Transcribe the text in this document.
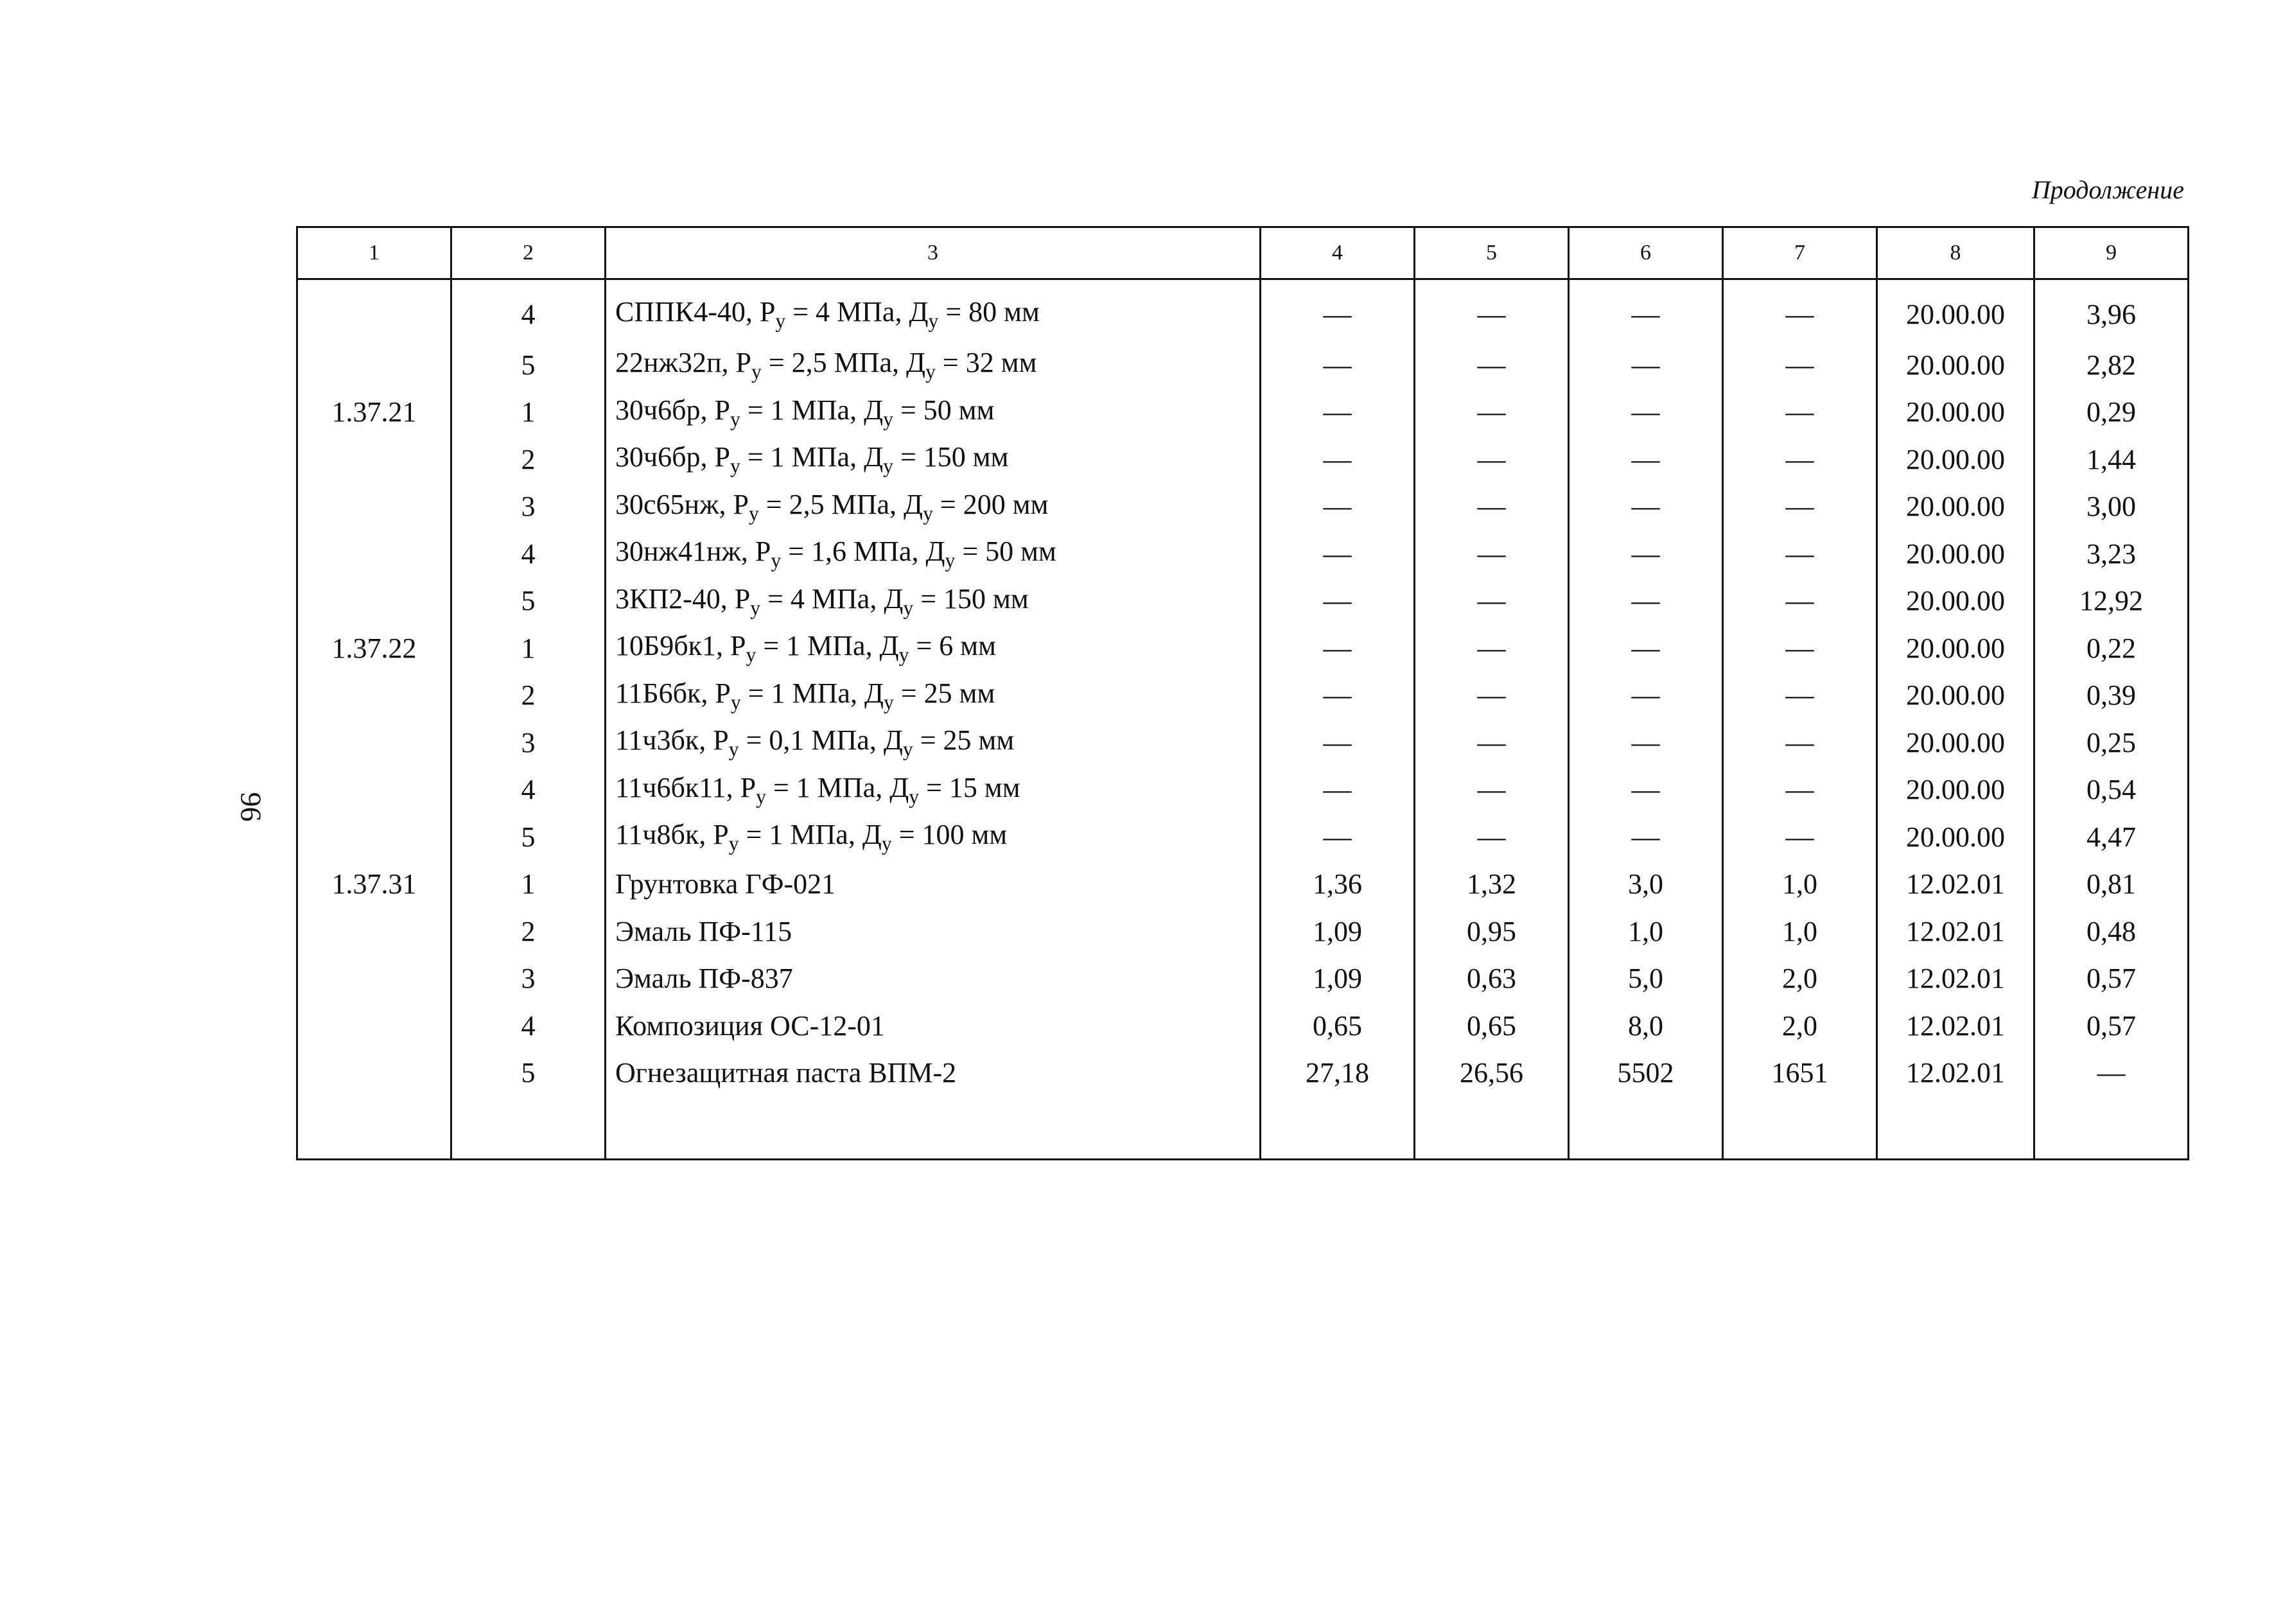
Продолжение
96
1	2	3	4	5	6	7	8	9
	4	СППК4-40, $P_у = 4$ МПа, $Д_у = 80$ мм	—	—	—	—	20.00.00	3,96
	5	22нж32п, $P_у = 2,5$ МПа, $Д_у = 32$ мм	—	—	—	—	20.00.00	2,82
1.37.21	1	30ч6бр, $P_у = 1$ МПа, $Д_у = 50$ мм	—	—	—	—	20.00.00	0,29
	2	30ч6бр, $P_у = 1$ МПа, $Д_у = 150$ мм	—	—	—	—	20.00.00	1,44
	3	30с65нж, $P_у = 2,5$ МПа, $Д_у = 200$ мм	—	—	—	—	20.00.00	3,00
	4	30нж41нж, $P_у = 1,6$ МПа, $Д_у = 50$ мм	—	—	—	—	20.00.00	3,23
	5	3КП2-40, $P_у = 4$ МПа, $Д_у = 150$ мм	—	—	—	—	20.00.00	12,92
1.37.22	1	10Б9бк1, $P_у = 1$ МПа, $Д_у = 6$ мм	—	—	—	—	20.00.00	0,22
	2	11Б6бк, $P_у = 1$ МПа, $Д_у = 25$ мм	—	—	—	—	20.00.00	0,39
	3	11ч3бк, $P_у = 0,1$ МПа, $Д_у = 25$ мм	—	—	—	—	20.00.00	0,25
	4	11ч6бк11, $P_у = 1$ МПа, $Д_у = 15$ мм	—	—	—	—	20.00.00	0,54
	5	11ч8бк, $P_у = 1$ МПа, $Д_у = 100$ мм	—	—	—	—	20.00.00	4,47
1.37.31	1	Грунтовка ГФ-021	1,36	1,32	3,0	1,0	12.02.01	0,81
	2	Эмаль ПФ-115	1,09	0,95	1,0	1,0	12.02.01	0,48
	3	Эмаль ПФ-837	1,09	0,63	5,0	2,0	12.02.01	0,57
	4	Композиция ОС-12-01	0,65	0,65	8,0	2,0	12.02.01	0,57
	5	Огнезащитная паста ВПМ-2	27,18	26,56	5502	1651	12.02.01	—
